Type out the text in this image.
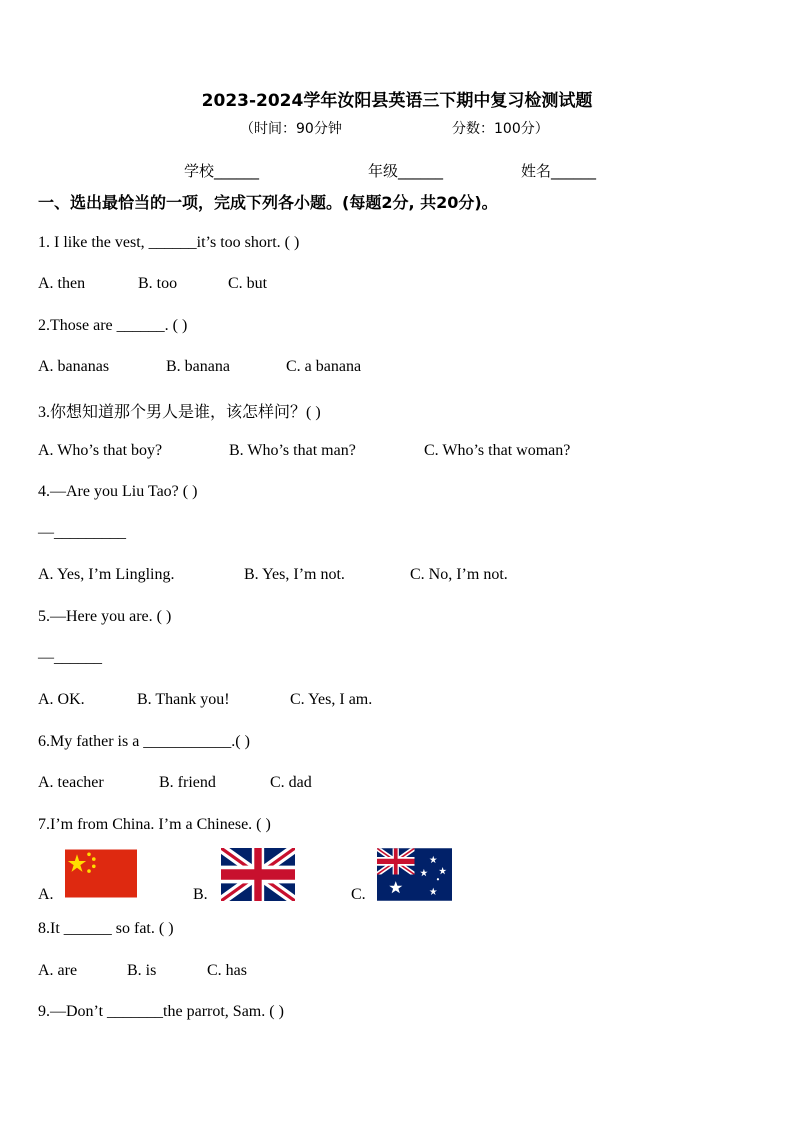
2023-2024学年汝阳县英语三下期中复习检测试题
（时间：90分钟	分数：100分）
学校______	年级______	姓名______
一、选出最恰当的一项，完成下列各小题。(每题2分, 共20分)。
1. I like the vest, ______it’s too short. ( )
A. then	B. too	C. but
2.Those are ______. ( )
A. bananas	B. banana	C. a banana
3.你想知道那个男人是谁，该怎样问？( )
A. Who’s that boy?	B. Who’s that man?	C. Who’s that woman?
4.—Are you Liu Tao? ( )
—_________
A. Yes, I’m Lingling.	B. Yes, I’m not.	C. No, I’m not.
5.—Here you are. ( )
—______
A. OK.	B. Thank you!	C. Yes, I am.
6.My father is a ___________.( )
A. teacher	B. friend	C. dad
7.I’m from China. I’m a Chinese. ( )
A.	B.	C.
8.It ______ so fat. ( )
A. are	B. is	C. has
9.—Don’t _______the parrot, Sam. ( )
